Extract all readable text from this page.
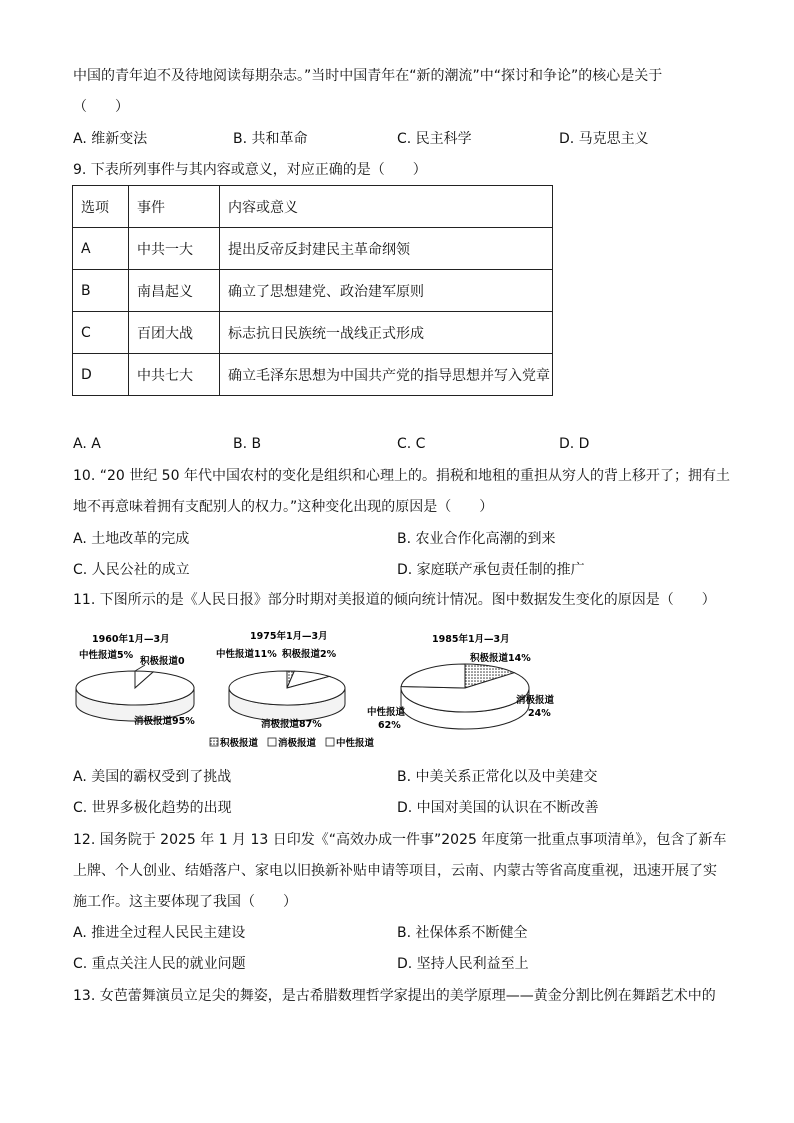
中国的青年迫不及待地阅读每期杂志。”当时中国青年在“新的潮流”中“探讨和争论”的核心是关于
（　　）
A. 维新变法	B. 共和革命	C. 民主科学	D. 马克思主义
9. 下表所列事件与其内容或意义，对应正确的是（　　）
选项	事件	内容或意义
A	中共一大	提出反帝反封建民主革命纲领
B	南昌起义	确立了思想建党、政治建军原则
C	百团大战	标志抗日民族统一战线正式形成
D	中共七大	确立毛泽东思想为中国共产党的指导思想并写入党章
A. A	B. B	C. C	D. D
10. “20 世纪 50 年代中国农村的变化是组织和心理上的。捐税和地租的重担从穷人的背上移开了；拥有土
地不再意味着拥有支配别人的权力。”这种变化出现的原因是（　　）
A. 土地改革的完成	B. 农业合作化高潮的到来
C. 人民公社的成立	D. 家庭联产承包责任制的推广
11. 下图所示的是《人民日报》部分时期对美报道的倾向统计情况。图中数据发生变化的原因是（　　）
1960年1月—3月
中性报道5%
积极报道0
消极报道95%
1975年1月—3月
中性报道11% 积极报道2%
消极报道87%
1985年1月—3月
积极报道14%
消极报道
24%
中性报道
62%
积极报道 消极报道 中性报道
A. 美国的霸权受到了挑战	B. 中美关系正常化以及中美建交
C. 世界多极化趋势的出现	D. 中国对美国的认识在不断改善
12. 国务院于 2025 年 1 月 13 日印发《“高效办成一件事”2025 年度第一批重点事项清单》，包含了新车
上牌、个人创业、结婚落户、家电以旧换新补贴申请等项目，云南、内蒙古等省高度重视，迅速开展了实
施工作。这主要体现了我国（　　）
A. 推进全过程人民民主建设	B. 社保体系不断健全
C. 重点关注人民的就业问题	D. 坚持人民利益至上
13. 女芭蕾舞演员立足尖的舞姿，是古希腊数理哲学家提出的美学原理——黄金分割比例在舞蹈艺术中的
